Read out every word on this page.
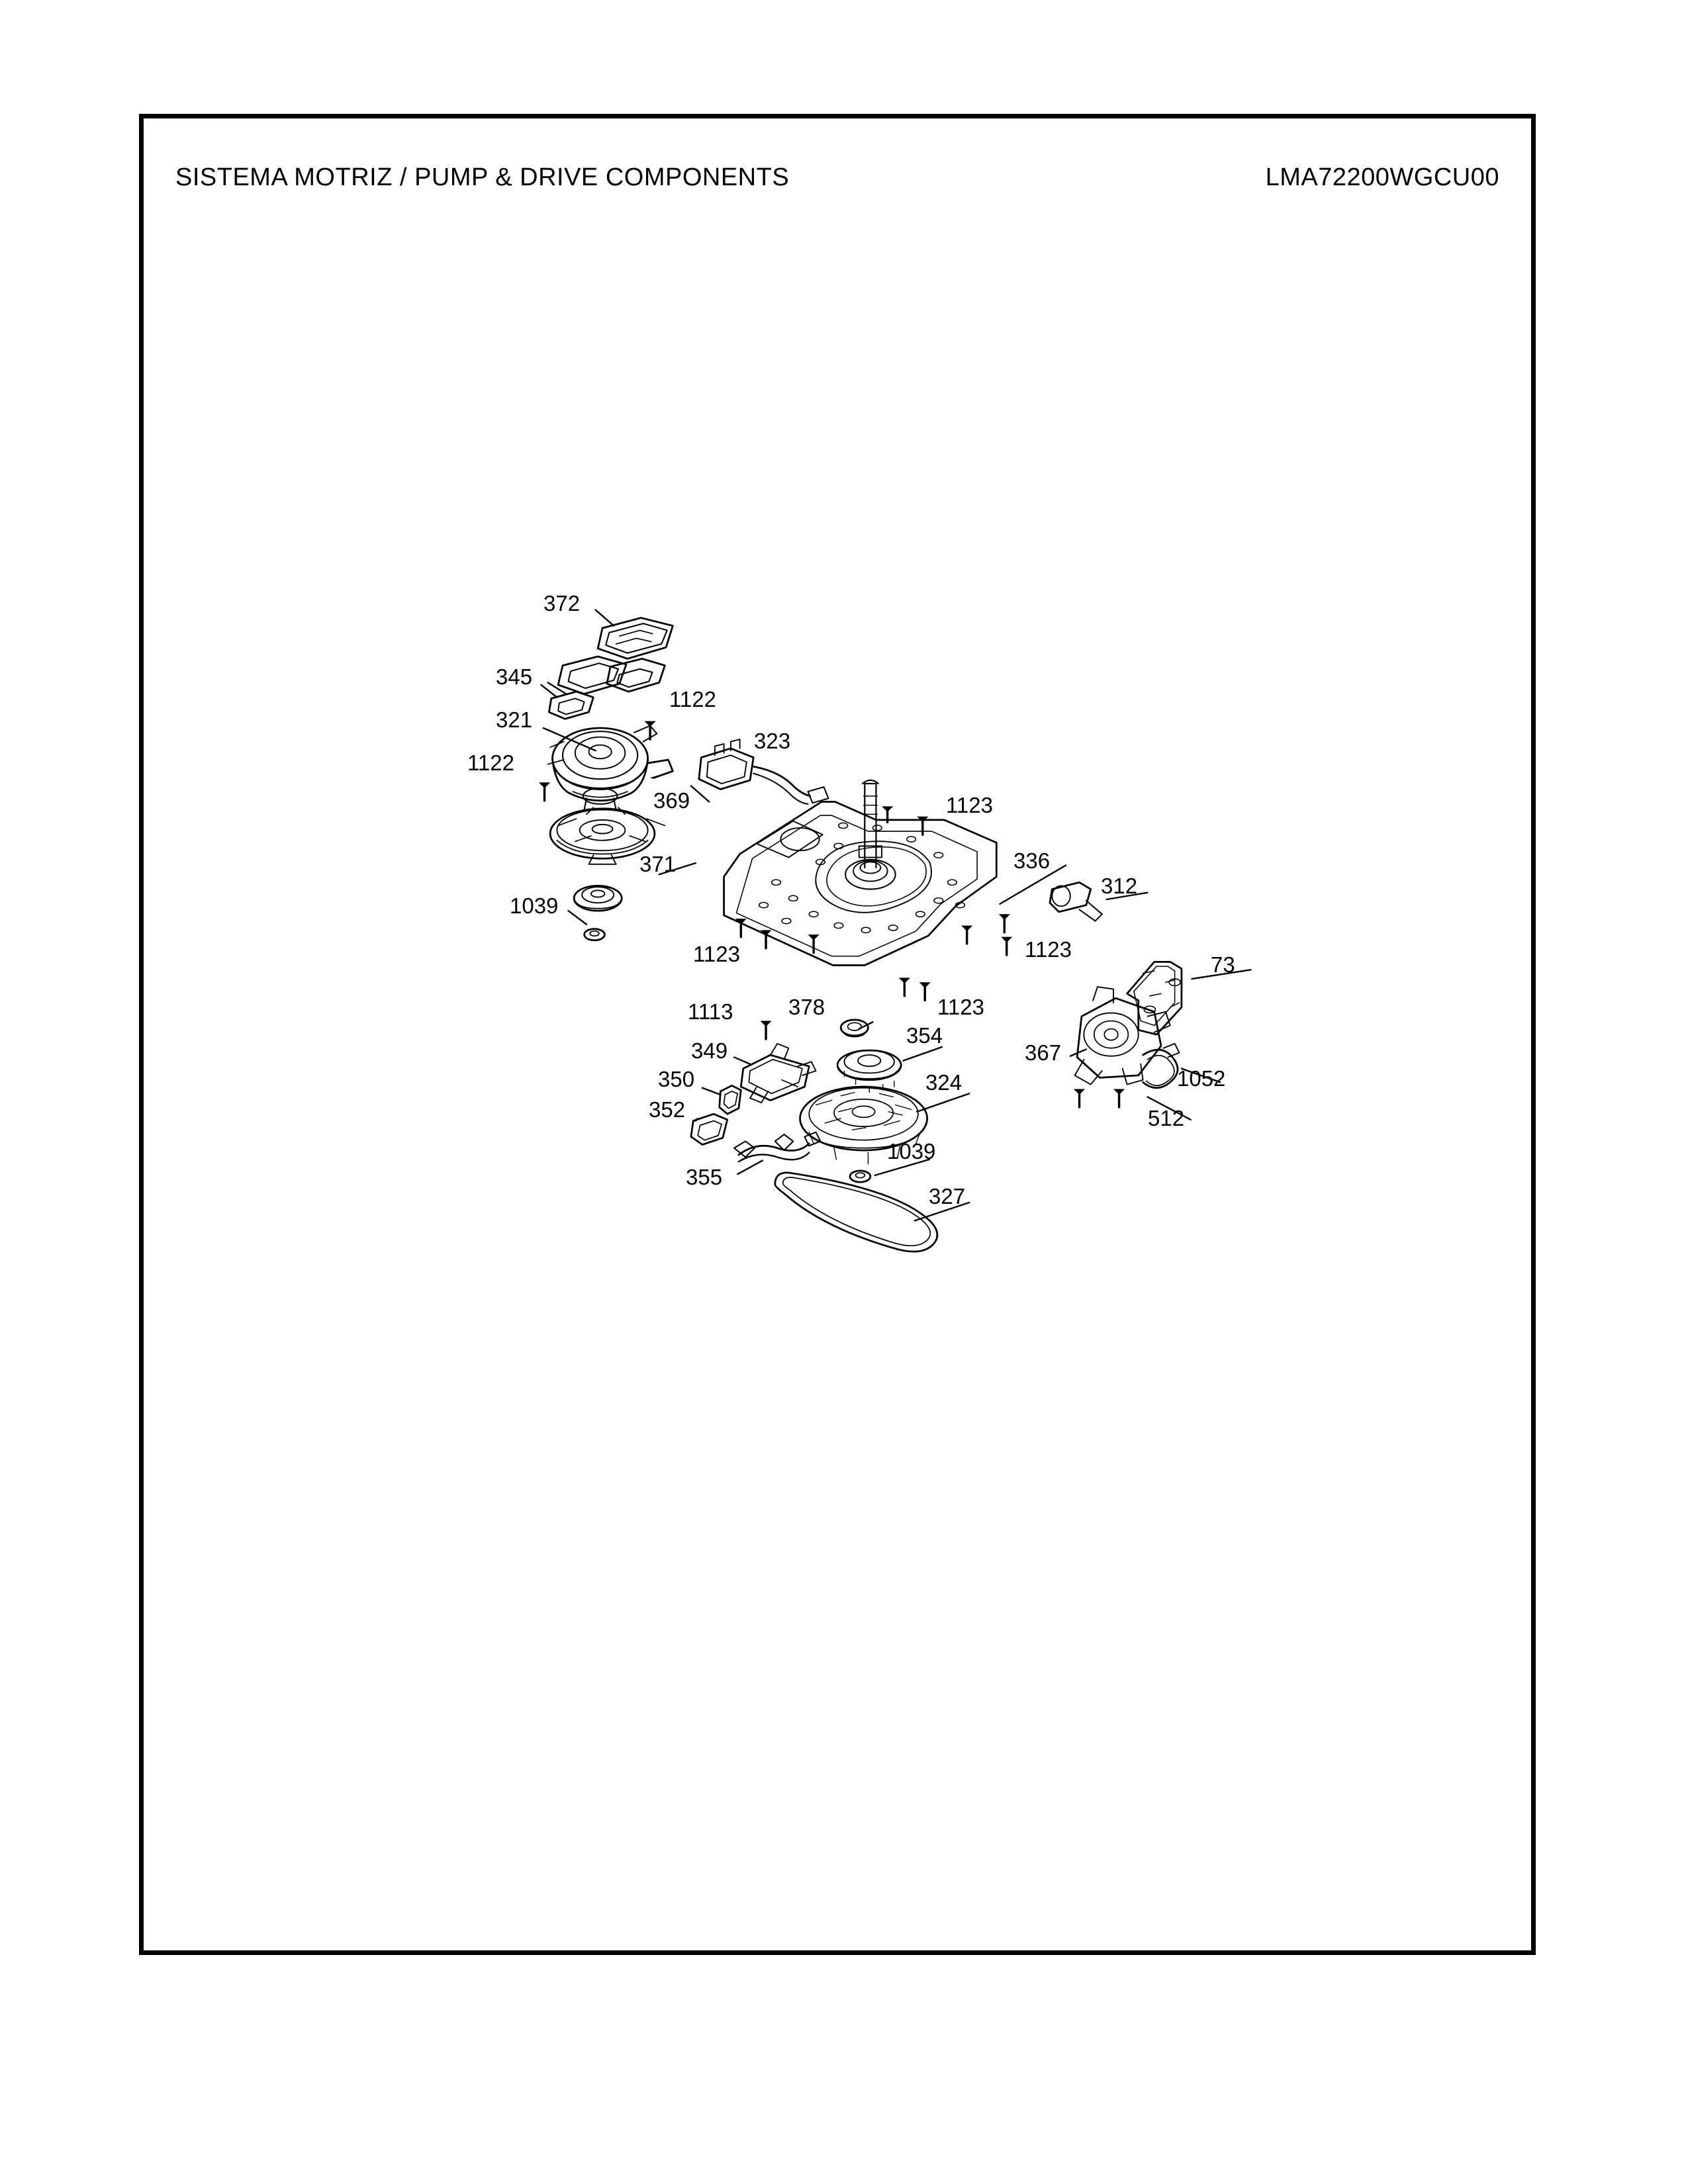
SISTEMA MOTRIZ / PUMP & DRIVE COMPONENTS	LMA72200WGCU00
372
345
321
1122
1122
323
369
371
1039
1123
336
312
1123	1123
73
1113	378	1123
354
367
349
1052
350	324
352	512
1039
355
327
